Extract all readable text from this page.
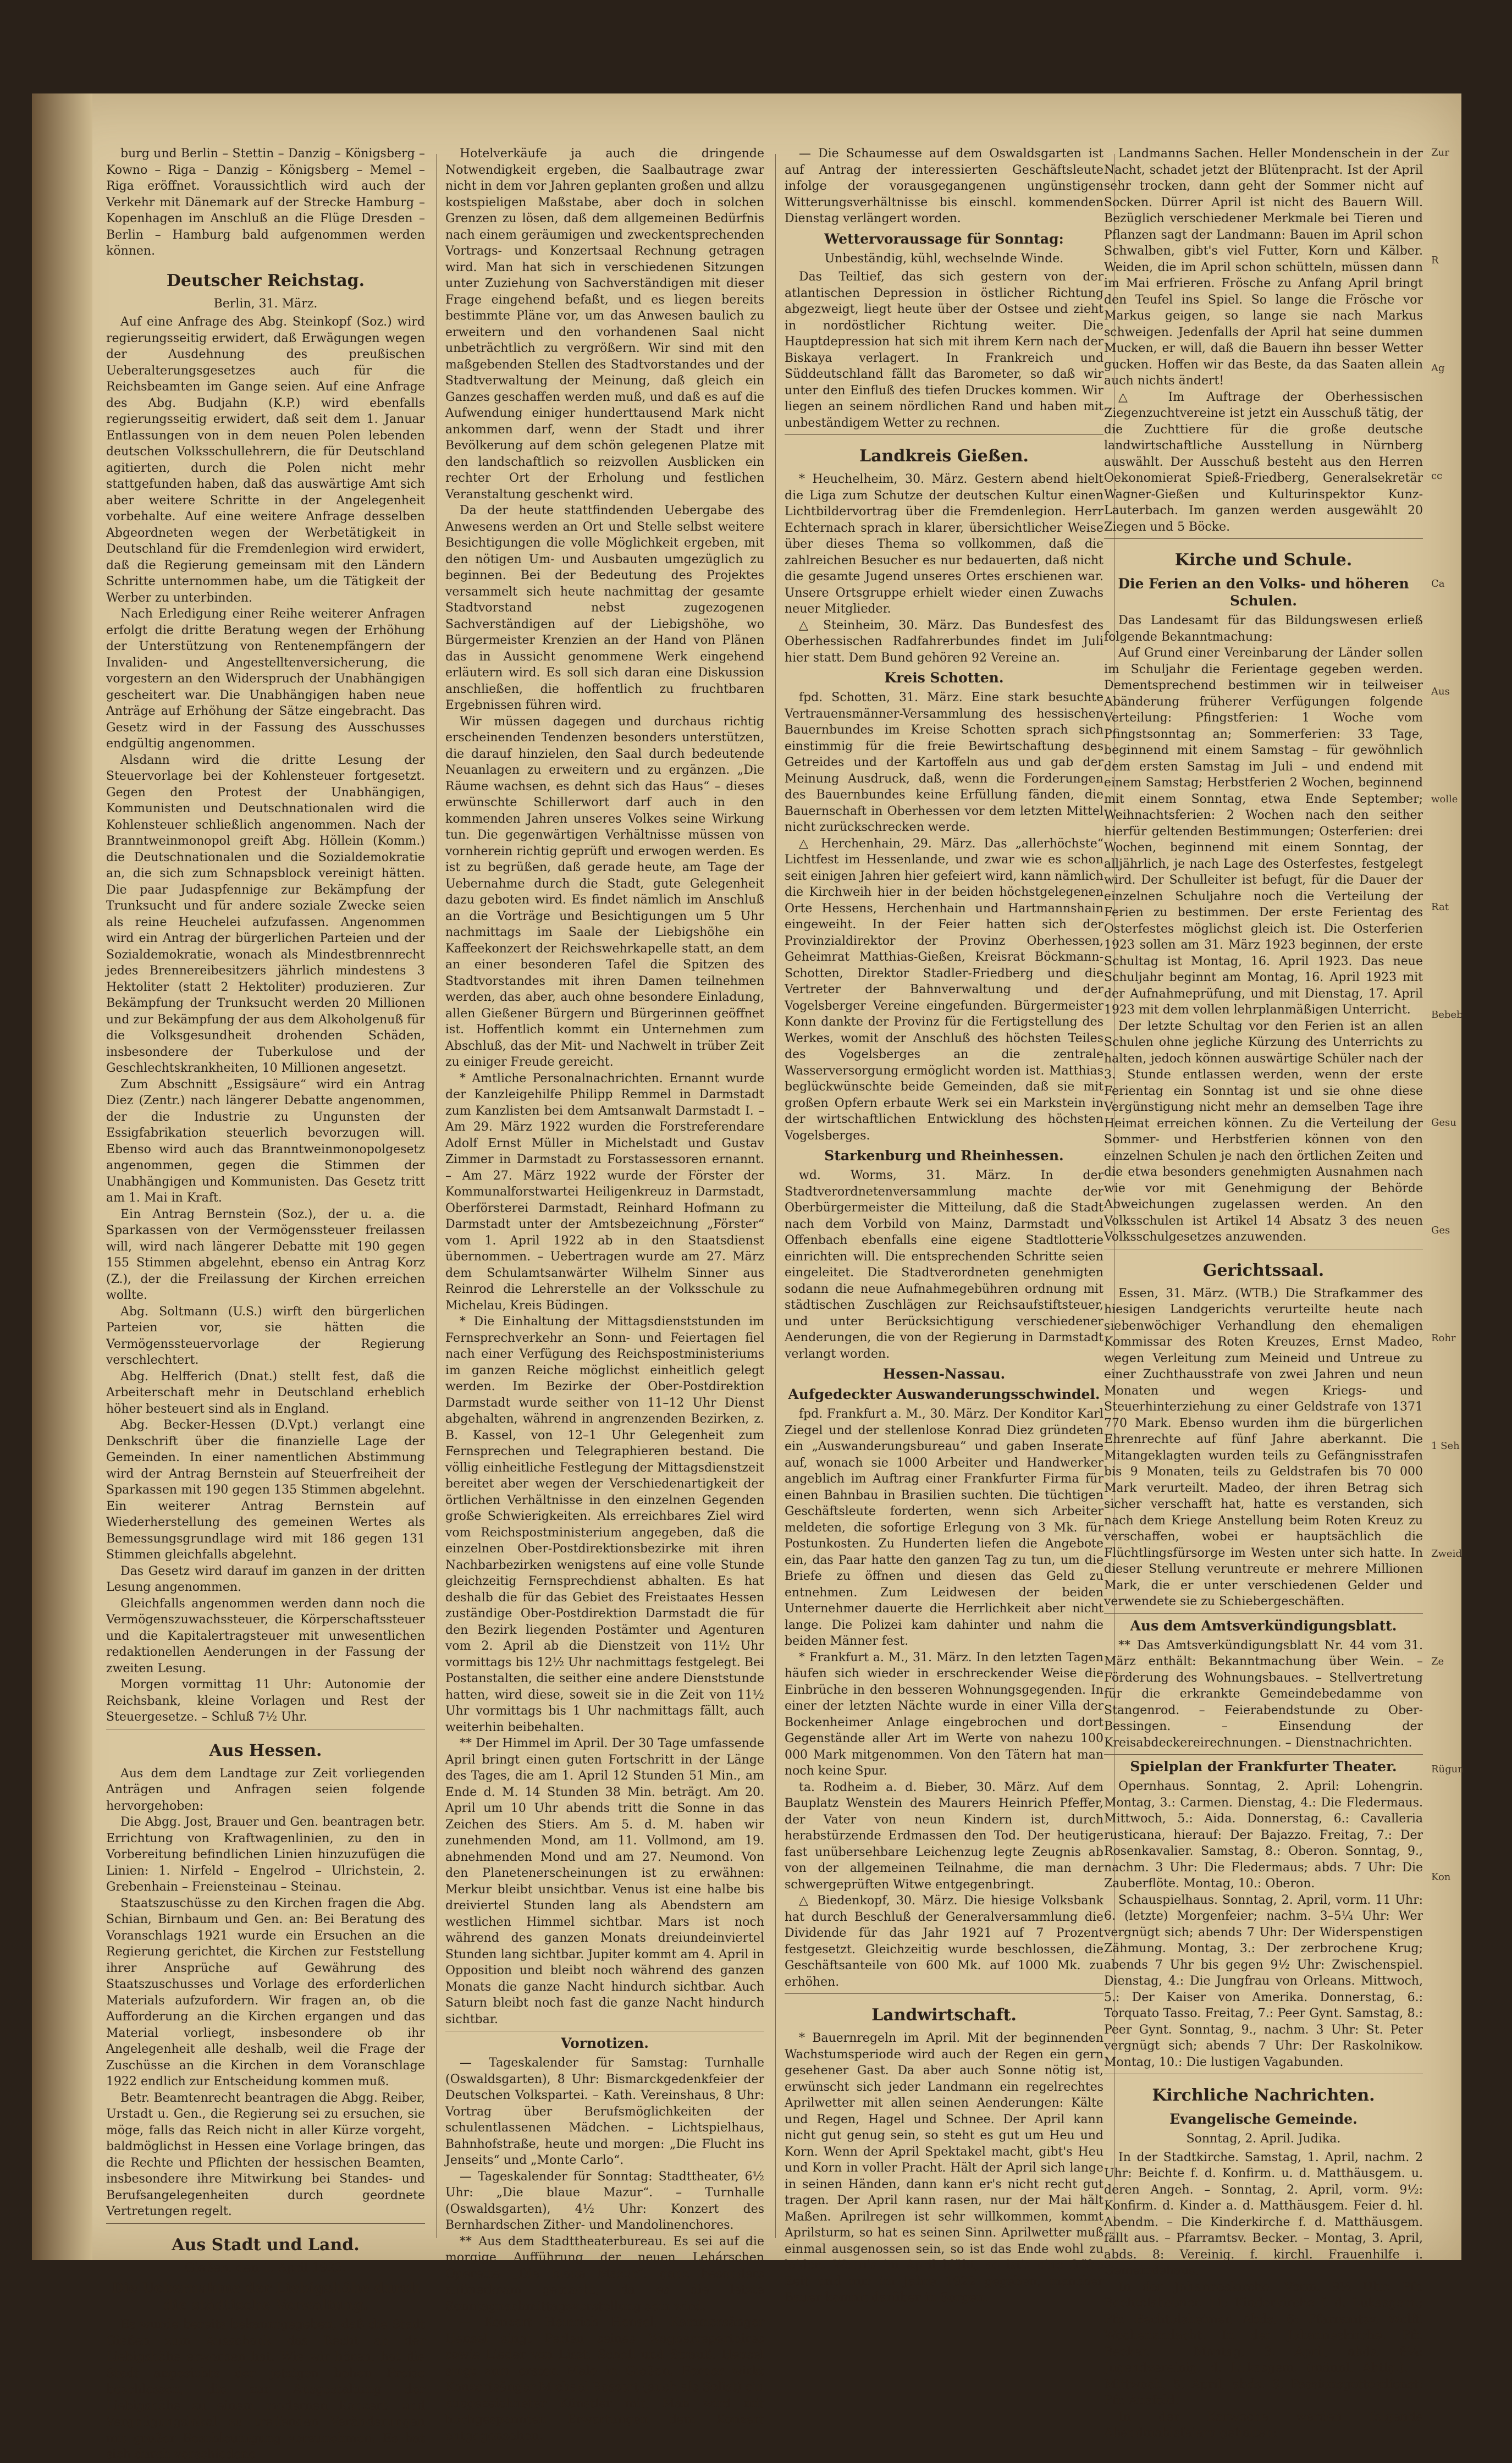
burg und Berlin – Stettin – Danzig – Königsberg – Kowno – Riga – Danzig – Königsberg – Memel – Riga eröffnet. Voraussichtlich wird auch der Verkehr mit Dänemark auf der Strecke Hamburg – Kopenhagen im Anschluß an die Flüge Dresden – Berlin – Hamburg bald aufgenommen werden können.

Deutscher Reichstag.
Berlin, 31. März.

Auf eine Anfrage des Abg. Steinkopf (Soz.) wird regierungsseitig erwidert, daß Erwägungen wegen der Ausdehnung des preußischen Ueberalterungsgesetzes auch für die Reichsbeamten im Gange seien. Auf eine Anfrage des Abg. Budjahn (K.P.) wird ebenfalls regierungsseitig erwidert, daß seit dem 1. Januar Entlassungen von in dem neuen Polen lebenden deutschen Volksschullehrern, die für Deutschland agitierten, durch die Polen nicht mehr stattgefunden haben, daß das auswärtige Amt sich aber weitere Schritte in der Angelegenheit vorbehalte. Auf eine weitere Anfrage desselben Abgeordneten wegen der Werbetätigkeit in Deutschland für die Fremdenlegion wird erwidert, daß die Regierung gemeinsam mit den Ländern Schritte unternommen habe, um die Tätigkeit der Werber zu unterbinden.

Nach Erledigung einer Reihe weiterer Anfragen erfolgt die dritte Beratung wegen der Erhöhung der Unterstützung von Rentenempfängern der Invaliden- und Angestelltenversicherung, die vorgestern an den Widerspruch der Unabhängigen gescheitert war. Die Unabhängigen haben neue Anträge auf Erhöhung der Sätze eingebracht. Das Gesetz wird in der Fassung des Ausschusses endgültig angenommen.

Alsdann wird die dritte Lesung der Steuervorlage bei der Kohlensteuer fortgesetzt. Gegen den Protest der Unabhängigen, Kommunisten und Deutschnationalen wird die Kohlensteuer schließlich angenommen. Nach der Branntweinmonopol greift Abg. Höllein (Komm.) die Deutschnationalen und die Sozialdemokratie an, die sich zum Schnapsblock vereinigt hätten. Die paar Judaspfennige zur Bekämpfung der Trunksucht und für andere soziale Zwecke seien als reine Heuchelei aufzufassen. Angenommen wird ein Antrag der bürgerlichen Parteien und der Sozialdemokratie, wonach als Mindestbrennrecht jedes Brennereibesitzers jährlich mindestens 3 Hektoliter (statt 2 Hektoliter) produzieren. Zur Bekämpfung der Trunksucht werden 20 Millionen und zur Bekämpfung der aus dem Alkoholgenuß für die Volksgesundheit drohenden Schäden, insbesondere der Tuberkulose und der Geschlechtskrankheiten, 10 Millionen angesetzt.

Zum Abschnitt „Essigsäure“ wird ein Antrag Diez (Zentr.) nach längerer Debatte angenommen, der die Industrie zu Ungunsten der Essigfabrikation steuerlich bevorzugen will. Ebenso wird auch das Branntweinmonopolgesetz angenommen, gegen die Stimmen der Unabhängigen und Kommunisten. Das Gesetz tritt am 1. Mai in Kraft.

Ein Antrag Bernstein (Soz.), der u. a. die Sparkassen von der Vermögenssteuer freilassen will, wird nach längerer Debatte mit 190 gegen 155 Stimmen abgelehnt, ebenso ein Antrag Korz (Z.), der die Freilassung der Kirchen erreichen wollte.

Abg. Soltmann (U.S.) wirft den bürgerlichen Parteien vor, sie hätten die Vermögenssteuervorlage der Regierung verschlechtert.

Abg. Helfferich (Dnat.) stellt fest, daß die Arbeiterschaft mehr in Deutschland erheblich höher besteuert sind als in England.

Abg. Becker-Hessen (D.Vpt.) verlangt eine Denkschrift über die finanzielle Lage der Gemeinden. In einer namentlichen Abstimmung wird der Antrag Bernstein auf Steuerfreiheit der Sparkassen mit 190 gegen 135 Stimmen abgelehnt. Ein weiterer Antrag Bernstein auf Wiederherstellung des gemeinen Wertes als Bemessungsgrundlage wird mit 186 gegen 131 Stimmen gleichfalls abgelehnt.

Das Gesetz wird darauf im ganzen in der dritten Lesung angenommen.

Gleichfalls angenommen werden dann noch die Vermögenszuwachssteuer, die Körperschaftssteuer und die Kapitalertragsteuer mit unwesentlichen redaktionellen Aenderungen in der Fassung der zweiten Lesung.

Morgen vormittag 11 Uhr: Autonomie der Reichsbank, kleine Vorlagen und Rest der Steuergesetze. – Schluß 7½ Uhr.

Aus Hessen.

Aus dem dem Landtage zur Zeit vorliegenden Anträgen und Anfragen seien folgende hervorgehoben:

Die Abgg. Jost, Brauer und Gen. beantragen betr. Errichtung von Kraftwagenlinien, zu den in Vorbereitung befindlichen Linien hinzuzufügen die Linien: 1. Nirfeld – Engelrod – Ulrichstein, 2. Grebenhain – Freiensteinau – Steinau.

Staatszuschüsse zu den Kirchen fragen die Abg. Schian, Birnbaum und Gen. an: Bei Beratung des Voranschlags 1921 wurde ein Ersuchen an die Regierung gerichtet, die Kirchen zur Feststellung ihrer Ansprüche auf Gewährung des Staatszuschusses und Vorlage des erforderlichen Materials aufzufordern. Wir fragen an, ob die Aufforderung an die Kirchen ergangen und das Material vorliegt, insbesondere ob ihr Angelegenheit alle deshalb, weil die Frage der Zuschüsse an die Kirchen in dem Voranschlage 1922 endlich zur Entscheidung kommen muß.

Betr. Beamtenrecht beantragen die Abgg. Reiber, Urstadt u. Gen., die Regierung sei zu ersuchen, sie möge, falls das Reich nicht in aller Kürze vorgeht, baldmöglichst in Hessen eine Vorlage bringen, das die Rechte und Pflichten der hessischen Beamten, insbesondere ihre Mitwirkung bei Standes- und Berufsangelegenheiten durch geordnete Vertretungen regelt.

Aus Stadt und Land.
Gießen, den 1. April 1922.
Die Uebernahme der Liebigshöhe durch die städtische Verwaltung.

Es wurde bereits bekanntgegeben, daß die Stadt Gießen zum Ausschank das Recht an der Liebigshöhe erworben hat. Wie wir hören, hat die Stadt angesichts der jetzigen hohen Preise beschlossen, die zur Ausgestaltung der Liebigshöhe zu einem modernen Konzert- und Vergnügungslokal zu treffenden Veränderungen mit großer Beschleunigung vorzunehmen. Es hat sich durch verschiedene

Hotelverkäufe ja auch die dringende Notwendigkeit ergeben, die Saalbautrage zwar nicht in dem vor Jahren geplanten großen und allzu kostspieligen Maßstabe, aber doch in solchen Grenzen zu lösen, daß dem allgemeinen Bedürfnis nach einem geräumigen und zweckentsprechenden Vortrags- und Konzertsaal Rechnung getragen wird. Man hat sich in verschiedenen Sitzungen unter Zuziehung von Sachverständigen mit dieser Frage eingehend befaßt, und es liegen bereits bestimmte Pläne vor, um das Anwesen baulich zu erweitern und den vorhandenen Saal nicht unbeträchtlich zu vergrößern. Wir sind mit den maßgebenden Stellen des Stadtvorstandes und der Stadtverwaltung der Meinung, daß gleich ein Ganzes geschaffen werden muß, und daß es auf die Aufwendung einiger hunderttausend Mark nicht ankommen darf, wenn der Stadt und ihrer Bevölkerung auf dem schön gelegenen Platze mit den landschaftlich so reizvollen Ausblicken ein rechter Ort der Erholung und festlichen Veranstaltung geschenkt wird.

Da der heute stattfindenden Uebergabe des Anwesens werden an Ort und Stelle selbst weitere Besichtigungen die volle Möglichkeit ergeben, mit den nötigen Um- und Ausbauten umgezüglich zu beginnen. Bei der Bedeutung des Projektes versammelt sich heute nachmittag der gesamte Stadtvorstand nebst zugezogenen Sachverständigen auf der Liebigshöhe, wo Bürgermeister Krenzien an der Hand von Plänen das in Aussicht genommene Werk eingehend erläutern wird. Es soll sich daran eine Diskussion anschließen, die hoffentlich zu fruchtbaren Ergebnissen führen wird.

Wir müssen dagegen und durchaus richtig erscheinenden Tendenzen besonders unterstützen, die darauf hinzielen, den Saal durch bedeutende Neuanlagen zu erweitern und zu ergänzen. „Die Räume wachsen, es dehnt sich das Haus“ – dieses erwünschte Schillerwort darf auch in den kommenden Jahren unseres Volkes seine Wirkung tun. Die gegenwärtigen Verhältnisse müssen von vornherein richtig geprüft und erwogen werden. Es ist zu begrüßen, daß gerade heute, am Tage der Uebernahme durch die Stadt, gute Gelegenheit dazu geboten wird. Es findet nämlich im Anschluß an die Vorträge und Besichtigungen um 5 Uhr nachmittags im Saale der Liebigshöhe ein Kaffeekonzert der Reichswehrkapelle statt, an dem an einer besonderen Tafel die Spitzen des Stadtvorstandes mit ihren Damen teilnehmen werden, das aber, auch ohne besondere Einladung, allen Gießener Bürgern und Bürgerinnen geöffnet ist. Hoffentlich kommt ein Unternehmen zum Abschluß, das der Mit- und Nachwelt in trüber Zeit zu einiger Freude gereicht.

* Amtliche Personalnachrichten. Ernannt wurde der Kanzleigehilfe Philipp Remmel in Darmstadt zum Kanzlisten bei dem Amtsanwalt Darmstadt I. – Am 29. März 1922 wurden die Forstreferendare Adolf Ernst Müller in Michelstadt und Gustav Zimmer in Darmstadt zu Forstassessoren ernannt. – Am 27. März 1922 wurde der Förster der Kommunalforstwartei Heiligenkreuz in Darmstadt, Oberförsterei Darmstadt, Reinhard Hofmann zu Darmstadt unter der Amtsbezeichnung „Förster“ vom 1. April 1922 ab in den Staatsdienst übernommen. – Uebertragen wurde am 27. März dem Schulamtsanwärter Wilhelm Sinner aus Reinrod die Lehrerstelle an der Volksschule zu Michelau, Kreis Büdingen.

* Die Einhaltung der Mittagsdienststunden im Fernsprechverkehr an Sonn- und Feiertagen fiel nach einer Verfügung des Reichspostministeriums im ganzen Reiche möglichst einheitlich gelegt werden. Im Bezirke der Ober-Postdirektion Darmstadt wurde seither von 11–12 Uhr Dienst abgehalten, während in angrenzenden Bezirken, z. B. Kassel, von 12–1 Uhr Gelegenheit zum Fernsprechen und Telegraphieren bestand. Die völlig einheitliche Festlegung der Mittagsdienstzeit bereitet aber wegen der Verschiedenartigkeit der örtlichen Verhältnisse in den einzelnen Gegenden große Schwierigkeiten. Als erreichbares Ziel wird vom Reichspostministerium angegeben, daß die einzelnen Ober-Postdirektionsbezirke mit ihren Nachbarbezirken wenigstens auf eine volle Stunde gleichzeitig Fernsprechdienst abhalten. Es hat deshalb die für das Gebiet des Freistaates Hessen zuständige Ober-Postdirektion Darmstadt die für den Bezirk liegenden Postämter und Agenturen vom 2. April ab die Dienstzeit von 11½ Uhr vormittags bis 12½ Uhr nachmittags festgelegt. Bei Postanstalten, die seither eine andere Dienststunde hatten, wird diese, soweit sie in die Zeit von 11½ Uhr vormittags bis 1 Uhr nachmittags fällt, auch weiterhin beibehalten.

** Der Himmel im April. Der 30 Tage umfassende April bringt einen guten Fortschritt in der Länge des Tages, die am 1. April 12 Stunden 51 Min., am Ende d. M. 14 Stunden 38 Min. beträgt. Am 20. April um 10 Uhr abends tritt die Sonne in das Zeichen des Stiers. Am 5. d. M. haben wir zunehmenden Mond, am 11. Vollmond, am 19. abnehmenden Mond und am 27. Neumond. Von den Planetenerscheinungen ist zu erwähnen: Merkur bleibt unsichtbar. Venus ist eine halbe bis dreiviertel Stunden lang als Abendstern am westlichen Himmel sichtbar. Mars ist noch während des ganzen Monats dreiundeinviertel Stunden lang sichtbar. Jupiter kommt am 4. April in Opposition und bleibt noch während des ganzen Monats die ganze Nacht hindurch sichtbar. Auch Saturn bleibt noch fast die ganze Nacht hindurch sichtbar.

Vornotizen.

— Tageskalender für Samstag: Turnhalle (Oswaldsgarten), 8 Uhr: Bismarckgedenkfeier der Deutschen Volkspartei. – Kath. Vereinshaus, 8 Uhr: Vortrag über Berufsmöglichkeiten der schulentlassenen Mädchen. – Lichtspielhaus, Bahnhofstraße, heute und morgen: „Die Flucht ins Jenseits“ und „Monte Carlo“.

— Tageskalender für Sonntag: Stadttheater, 6½ Uhr: „Die blaue Mazur“. – Turnhalle (Oswaldsgarten), 4½ Uhr: Konzert des Bernhardschen Zither- und Mandolinenchores.

** Aus dem Stadttheaterbureau. Es sei auf die morgige Aufführung der neuen Lehárschen Operette „Die blaue Mazur“, ganz besonders aufmerksam gemacht, da es die letzte Sonntagnachmittagsvorstellung sein wird.

— Konzert Heinrich Hensel. Kammersänger Hensel singt Perlen seines Wagnerrepertoires sowie Lieder von Liszt, Scholl und Strauß. Hensel singt zum ersten Male in Gießen. Ferner wirkt Konzertsänger Michael Rossert (auch als Solist) ein ausgezeichneter Künstler mit. Man wird mit hochgespannten Erwartungen dem Konzert entgegensehen.

— Die Schaumesse auf dem Oswaldsgarten ist auf Antrag der interessierten Geschäftsleute infolge der vorausgegangenen ungünstigen Witterungsverhältnisse bis einschl. kommenden Dienstag verlängert worden.

Wettervoraussage für Sonntag:
Unbeständig, kühl, wechselnde Winde.

Das Teiltief, das sich gestern von der atlantischen Depression in östlicher Richtung abgezweigt, liegt heute über der Ostsee und zieht in nordöstlicher Richtung weiter. Die Hauptdepression hat sich mit ihrem Kern nach der Biskaya verlagert. In Frankreich und Süddeutschland fällt das Barometer, so daß wir unter den Einfluß des tiefen Druckes kommen. Wir liegen an seinem nördlichen Rand und haben mit unbeständigem Wetter zu rechnen.

Landkreis Gießen.

* Heuchelheim, 30. März. Gestern abend hielt die Liga zum Schutze der deutschen Kultur einen Lichtbildervortrag über die Fremdenlegion. Herr Echternach sprach in klarer, übersichtlicher Weise über dieses Thema so vollkommen, daß die zahlreichen Besucher es nur bedauerten, daß nicht die gesamte Jugend unseres Ortes erschienen war. Unsere Ortsgruppe erhielt wieder einen Zuwachs neuer Mitglieder.

△ Steinheim, 30. März. Das Bundesfest des Oberhessischen Radfahrerbundes findet im Juli hier statt. Dem Bund gehören 92 Vereine an.

Kreis Schotten.

fpd. Schotten, 31. März. Eine stark besuchte Vertrauensmänner-Versammlung des hessischen Bauernbundes im Kreise Schotten sprach sich einstimmig für die freie Bewirtschaftung des Getreides und der Kartoffeln aus und gab der Meinung Ausdruck, daß, wenn die Forderungen des Bauernbundes keine Erfüllung fänden, die Bauernschaft in Oberhessen vor dem letzten Mittel nicht zurückschrecken werde.

△ Herchenhain, 29. März. Das „allerhöchste“ Lichtfest im Hessenlande, und zwar wie es schon seit einigen Jahren hier gefeiert wird, kann nämlich die Kirchweih hier in der beiden höchstgelegenen Orte Hessens, Herchenhain und Hartmannshain eingeweiht. In der Feier hatten sich der Provinzialdirektor der Provinz Oberhessen, Geheimrat Matthias-Gießen, Kreisrat Böckmann-Schotten, Direktor Stadler-Friedberg und die Vertreter der Bahnverwaltung und der Vogelsberger Vereine eingefunden. Bürgermeister Konn dankte der Provinz für die Fertigstellung des Werkes, womit der Anschluß des höchsten Teiles des Vogelsberges an die zentrale Wasserversorgung ermöglicht worden ist. Matthias beglückwünschte beide Gemeinden, daß sie mit großen Opfern erbaute Werk sei ein Markstein in der wirtschaftlichen Entwicklung des höchsten Vogelsberges.

Starkenburg und Rheinhessen.

wd. Worms, 31. März. In der Stadtverordnetenversammlung machte der Oberbürgermeister die Mitteilung, daß die Stadt nach dem Vorbild von Mainz, Darmstadt und Offenbach ebenfalls eine eigene Stadtlotterie einrichten will. Die entsprechenden Schritte seien eingeleitet. Die Stadtverordneten genehmigten sodann die neue Aufnahmegebühren ordnung mit städtischen Zuschlägen zur Reichsaufstiftsteuer, und unter Berücksichtigung verschiedener Aenderungen, die von der Regierung in Darmstadt verlangt worden.

Hessen-Nassau.
Aufgedeckter Auswanderungsschwindel.

fpd. Frankfurt a. M., 30. März. Der Konditor Karl Ziegel und der stellenlose Konrad Diez gründeten ein „Auswanderungsbureau“ und gaben Inserate auf, wonach sie 1000 Arbeiter und Handwerker angeblich im Auftrag einer Frankfurter Firma für einen Bahnbau in Brasilien suchten. Die tüchtigen Geschäftsleute forderten, wenn sich Arbeiter meldeten, die sofortige Erlegung von 3 Mk. für Postunkosten. Zu Hunderten liefen die Angebote ein, das Paar hatte den ganzen Tag zu tun, um die Briefe zu öffnen und diesen das Geld zu entnehmen. Zum Leidwesen der beiden Unternehmer dauerte die Herrlichkeit aber nicht lange. Die Polizei kam dahinter und nahm die beiden Männer fest.

* Frankfurt a. M., 31. März. In den letzten Tagen häufen sich wieder in erschreckender Weise die Einbrüche in den besseren Wohnungsgegenden. In einer der letzten Nächte wurde in einer Villa der Bockenheimer Anlage eingebrochen und dort Gegenstände aller Art im Werte von nahezu 100 000 Mark mitgenommen. Von den Tätern hat man noch keine Spur.

ta. Rodheim a. d. Bieber, 30. März. Auf dem Bauplatz Wenstein des Maurers Heinrich Pfeffer, der Vater von neun Kindern ist, durch herabstürzende Erdmassen den Tod. Der heutige fast unübersehbare Leichenzug legte Zeugnis ab von der allgemeinen Teilnahme, die man der schwergeprüften Witwe entgegenbringt.

△ Biedenkopf, 30. März. Die hiesige Volksbank hat durch Beschluß der Generalversammlung die Dividende für das Jahr 1921 auf 7 Prozent festgesetzt. Gleichzeitig wurde beschlossen, die Geschäftsanteile von 600 Mk. auf 1000 Mk. zu erhöhen.

Landwirtschaft.

* Bauernregeln im April. Mit der beginnenden Wachstumsperiode wird auch der Regen ein gern gesehener Gast. Da aber auch Sonne nötig ist, erwünscht sich jeder Landmann ein regelrechtes Aprilwetter mit allen seinen Aenderungen: Kälte und Regen, Hagel und Schnee. Der April kann nicht gut genug sein, so steht es gut um Heu und Korn. Wenn der April Spektakel macht, gibt's Heu und Korn in voller Pracht. Hält der April sich lange in seinen Händen, dann kann er's nicht recht gut tragen. Der April kann rasen, nur der Mai hält Maßen. Aprilregen ist sehr willkommen, kommt Aprilsturm, so hat es seinen Sinn. Aprilwetter muß einmal ausgenossen sein, so ist das Ende wohl zu leiden. Wenn's im April blüht, so ist's eine frühe Zeit und nur im Jahre 1922 gegeben, mancher Bauer kommt darüber in Sorgen.

Landmanns Sachen. Heller Mondenschein in der Nacht, schadet jetzt der Blütenpracht. Ist der April sehr trocken, dann geht der Sommer nicht auf Socken. Dürrer April ist nicht des Bauern Will. Bezüglich verschiedener Merkmale bei Tieren und Pflanzen sagt der Landmann: Bauen im April schon Schwalben, gibt's viel Futter, Korn und Kälber. Weiden, die im April schon schütteln, müssen dann im Mai erfrieren. Frösche zu Anfang April bringt den Teufel ins Spiel. So lange die Frösche vor Markus geigen, so lange sie nach Markus schweigen. Jedenfalls der April hat seine dummen Mucken, er will, daß die Bauern ihn besser Wetter gucken. Hoffen wir das Beste, da das Saaten allein auch nichts ändert!

△ Im Auftrage der Oberhessischen Ziegenzuchtvereine ist jetzt ein Ausschuß tätig, der die Zuchttiere für die große deutsche landwirtschaftliche Ausstellung in Nürnberg auswählt. Der Ausschuß besteht aus den Herren Oekonomierat Spieß-Friedberg, Generalsekretär Wagner-Gießen und Kulturinspektor Kunz-Lauterbach. Im ganzen werden ausgewählt 20 Ziegen und 5 Böcke.

Kirche und Schule.
Die Ferien an den Volks- und höheren Schulen.

Das Landesamt für das Bildungswesen erließ folgende Bekanntmachung:

Auf Grund einer Vereinbarung der Länder sollen im Schuljahr die Ferientage gegeben werden. Dementsprechend bestimmen wir in teilweiser Abänderung früherer Verfügungen folgende Verteilung: Pfingstferien: 1 Woche vom Pfingstsonntag an; Sommerferien: 33 Tage, beginnend mit einem Samstag – für gewöhnlich dem ersten Samstag im Juli – und endend mit einem Samstag; Herbstferien 2 Wochen, beginnend mit einem Sonntag, etwa Ende September; Weihnachtsferien: 2 Wochen nach den seither hierfür geltenden Bestimmungen; Osterferien: drei Wochen, beginnend mit einem Sonntag, der alljährlich, je nach Lage des Osterfestes, festgelegt wird. Der Schulleiter ist befugt, für die Dauer der einzelnen Schuljahre noch die Verteilung der Ferien zu bestimmen. Der erste Ferientag des Osterfestes möglichst gleich ist. Die Osterferien 1923 sollen am 31. März 1923 beginnen, der erste Schultag ist Montag, 16. April 1923. Das neue Schuljahr beginnt am Montag, 16. April 1923 mit der Aufnahmeprüfung, und mit Dienstag, 17. April 1923 mit dem vollen lehrplanmäßigen Unterricht.

Der letzte Schultag vor den Ferien ist an allen Schulen ohne jegliche Kürzung des Unterrichts zu halten, jedoch können auswärtige Schüler nach der 3. Stunde entlassen werden, wenn der erste Ferientag ein Sonntag ist und sie ohne diese Vergünstigung nicht mehr an demselben Tage ihre Heimat erreichen können. Zu die Verteilung der Sommer- und Herbstferien können von den einzelnen Schulen je nach den örtlichen Zeiten und die etwa besonders genehmigten Ausnahmen nach wie vor mit Genehmigung der Behörde Abweichungen zugelassen werden. An den Volksschulen ist Artikel 14 Absatz 3 des neuen Volksschulgesetzes anzuwenden.

Gerichtssaal.

Essen, 31. März. (WTB.) Die Strafkammer des hiesigen Landgerichts verurteilte heute nach siebenwöchiger Verhandlung den ehemaligen Kommissar des Roten Kreuzes, Ernst Madeo, wegen Verleitung zum Meineid und Untreue zu einer Zuchthausstrafe von zwei Jahren und neun Monaten und wegen Kriegs- und Steuerhinterziehung zu einer Geldstrafe von 1371 770 Mark. Ebenso wurden ihm die bürgerlichen Ehrenrechte auf fünf Jahre aberkannt. Die Mitangeklagten wurden teils zu Gefängnisstrafen bis 9 Monaten, teils zu Geldstrafen bis 70 000 Mark verurteilt. Madeo, der ihren Betrag sich sicher verschafft hat, hatte es verstanden, sich nach dem Kriege Anstellung beim Roten Kreuz zu verschaffen, wobei er hauptsächlich die Flüchtlingsfürsorge im Westen unter sich hatte. In dieser Stellung veruntreute er mehrere Millionen Mark, die er unter verschiedenen Gelder und verwendete sie zu Schiebergeschäften.

Aus dem Amtsverkündigungsblatt.

** Das Amtsverkündigungsblatt Nr. 44 vom 31. März enthält: Bekanntmachung über Wein. – Förderung des Wohnungsbaues. – Stellvertretung für die erkrankte Gemeindebedamme von Stangenrod. – Feierabendstunde zu Ober-Bessingen. – Einsendung der Kreisabdeckereirechnungen. – Dienstnachrichten.

Spielplan der Frankfurter Theater.

Opernhaus. Sonntag, 2. April: Lohengrin. Montag, 3.: Carmen. Dienstag, 4.: Die Fledermaus. Mittwoch, 5.: Aida. Donnerstag, 6.: Cavalleria rusticana, hierauf: Der Bajazzo. Freitag, 7.: Der Rosenkavalier. Samstag, 8.: Oberon. Sonntag, 9., nachm. 3 Uhr: Die Fledermaus; abds. 7 Uhr: Die Zauberflöte. Montag, 10.: Oberon.

Schauspielhaus. Sonntag, 2. April, vorm. 11 Uhr: 6. (letzte) Morgenfeier; nachm. 3–5¼ Uhr: Wer vergnügt sich; abends 7 Uhr: Der Widerspenstigen Zähmung. Montag, 3.: Der zerbrochene Krug; abends 7 Uhr bis gegen 9½ Uhr: Zwischenspiel. Dienstag, 4.: Die Jungfrau von Orleans. Mittwoch, 5.: Der Kaiser von Amerika. Donnerstag, 6.: Torquato Tasso. Freitag, 7.: Peer Gynt. Samstag, 8.: Peer Gynt. Sonntag, 9., nachm. 3 Uhr: St. Peter vergnügt sich; abends 7 Uhr: Der Raskolnikow. Montag, 10.: Die lustigen Vagabunden.

Kirchliche Nachrichten.
Evangelische Gemeinde.
Sonntag, 2. April. Judika.

In der Stadtkirche. Samstag, 1. April, nachm. 2 Uhr: Beichte f. d. Konfirm. u. d. Matthäusgem. u. deren Angeh. – Sonntag, 2. April, vorm. 9½: Konfirm. d. Kinder a. d. Matthäusgem. Feier d. hl. Abendm. – Die Kinderkirche f. d. Matthäusgem. fällt aus. – Pfarramtsv. Becker. – Montag, 3. April, abds. 8: Vereinig. f. kirchl. Frauenhilfe i. Gemeindehaus.

In der Johanneskirche. Vorm. 9½ Uhr: Pfr. Bechtolsheimer. 11: Kinderkirche f. d. Lukasgem.; Pfr. Bechtolsheimer. Abds. 6: Pfarramtsv. Wolff. Wochenandacht. In der Johanneskirche. Pfr. Becker. – Montag, 3. April, abds. 8¼: Jugendvereinig. d. Lukasgem. (männl. Abtlg.). – Mittwoch, 5. April, abds. 6: Passionsgottesdienst: Pfr. Ausfeld.

In der Karwoche werden folgende Abendmahlsfeiern gehalten:

Zur
R
Ag
cc
Ca
Aus
wolle
Rat
Bebeb
Gesu
Ges
Rohr
1 Seh
Zweid
Ze
Rügun
Kon
